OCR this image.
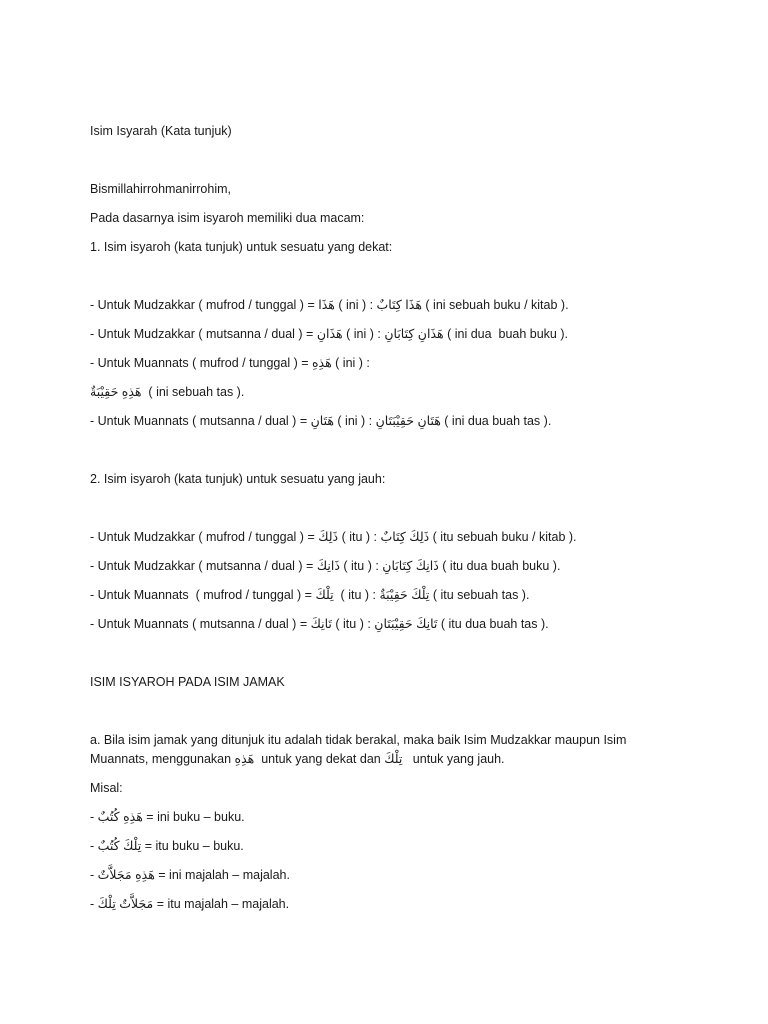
Isim Isyarah (Kata tunjuk)

Bismillahirrohmanirrohim,

Pada dasarnya isim isyaroh memiliki dua macam:

1. Isim isyaroh (kata tunjuk) untuk sesuatu yang dekat:

- Untuk Mudzakkar ( mufrod / tunggal ) = هَذَا ( ini ) : هَذَا كِتَابٌ ( ini sebuah buku / kitab ).

- Untuk Mudzakkar ( mutsanna / dual ) = هَذَانِ ( ini ) : هَذَانِ كِتَابَانِ ( ini dua  buah buku ).

- Untuk Muannats ( mufrod / tunggal ) = هَذِهِ ( ini ) :

هَذِهِ حَقِيْبَةٌ  ( ini sebuah tas ).

- Untuk Muannats ( mutsanna / dual ) = هَتَانِ ( ini ) : هَتَانِ حَقِيْبَتَانِ ( ini dua buah tas ).

2. Isim isyaroh (kata tunjuk) untuk sesuatu yang jauh:

- Untuk Mudzakkar ( mufrod / tunggal ) = ذَلِكَ ( itu ) : ذَلِكَ كِتَابٌ ( itu sebuah buku / kitab ).

- Untuk Mudzakkar ( mutsanna / dual ) = ذَانِكَ ( itu ) : ذَانِكَ كِتَابَانِ ( itu dua buah buku ).

- Untuk Muannats  ( mufrod / tunggal ) = تِلْكَ  ( itu ) : تِلْكَ حَقِيْبَةٌ ( itu sebuah tas ).

- Untuk Muannats ( mutsanna / dual ) = تَانِكَ ( itu ) : تَانِكَ حَقِيْبَتَانِ ( itu dua buah tas ).

ISIM ISYAROH PADA ISIM JAMAK

a. Bila isim jamak yang ditunjuk itu adalah tidak berakal, maka baik Isim Mudzakkar maupun Isim
Muannats, menggunakan هَذِهِ  untuk yang dekat dan تِلْكَ   untuk yang jauh.

Misal:

- هَذِهِ كُتُبٌ = ini buku – buku.

- تِلْكَ كُتُبٌ = itu buku – buku.

- هَذِهِ مَجَلاَّتٌ = ini majalah – majalah.

- مَجَلاَّتٌ تِلْكَ = itu majalah – majalah.
